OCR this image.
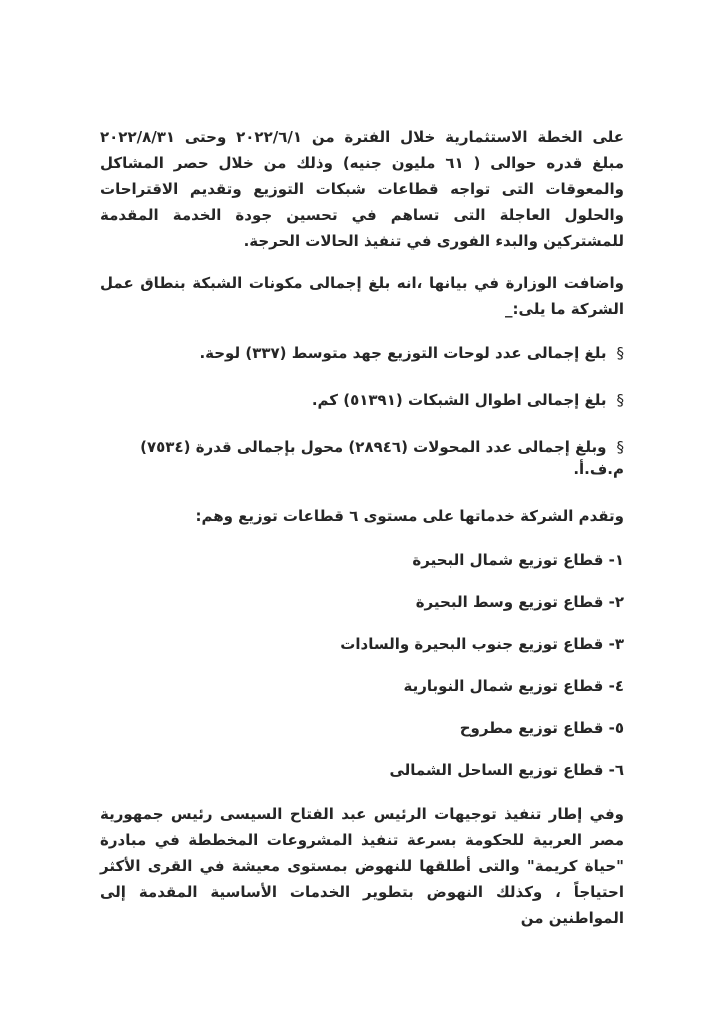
على الخطة الاستثمارية خلال الفترة من ٢٠٢٢/٦/١ وحتى ٢٠٢٢/٨/٣١ مبلغ قدره حوالى ( ٦١ مليون جنيه) وذلك من خلال حصر المشاكل والمعوقات التى تواجه قطاعات شبكات التوزيع وتقديم الاقتراحات والحلول العاجلة التى تساهم في تحسين جودة الخدمة المقدمة للمشتركين والبدء الفورى في تنفيذ الحالات الحرجة.

واضافت الوزارة في بيانها ،انه بلغ إجمالى مكونات الشبكة بنطاق عمل الشركة ما يلى:_

§بلغ إجمالى عدد لوحات التوزيع جهد متوسط (٣٣٧) لوحة.
§بلغ إجمالى اطوال الشبكات (٥١٣٩١) كم.
§وبلغ إجمالى عدد المحولات (٢٨٩٤٦) محول بإجمالى قدرة (٧٥٣٤) م.ف.أ.
وتقدم الشركة خدماتها على مستوى ٦ قطاعات توزيع وهم:
١- قطاع توزيع شمال البحيرة
٢- قطاع توزيع وسط البحيرة
٣- قطاع توزيع جنوب البحيرة والسادات
٤- قطاع توزيع شمال النوبارية
٥- قطاع توزيع مطروح
٦- قطاع توزيع الساحل الشمالى

وفي إطار تنفيذ توجيهات الرئيس عبد الفتاح السيسى رئيس جمهورية مصر العربية للحكومة بسرعة تنفيذ المشروعات المخططة في مبادرة "حياة كريمة" والتى أطلقها للنهوض بمستوى معيشة في القرى الأكثر احتياجاً ، وكذلك النهوض بتطوير الخدمات الأساسية المقدمة إلى المواطنين من
